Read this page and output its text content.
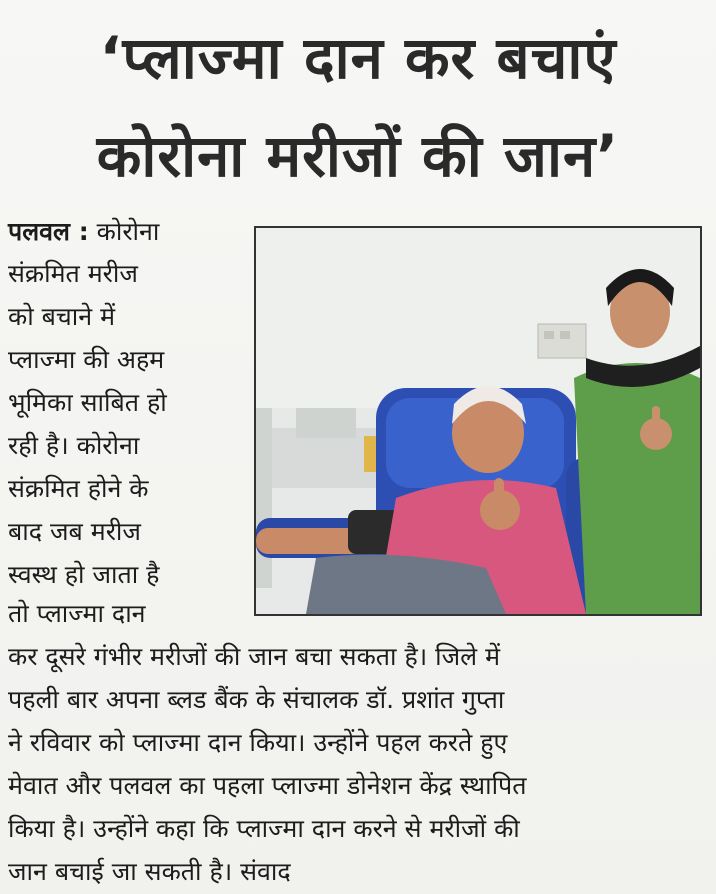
‘प्लाज्मा दान कर बचाएं
कोरोना मरीजों की जान’
पलवल : कोरोना
संक्रमित मरीज
को बचाने में
प्लाज्मा की अहम
भूमिका साबित हो
रही है। कोरोना
संक्रमित होने के
बाद जब मरीज
स्वस्थ हो जाता है
तो प्लाज्मा दान
कर दूसरे गंभीर मरीजों की जान बचा सकता है। जिले में
पहली बार अपना ब्लड बैंक के संचालक डॉ. प्रशांत गुप्ता
ने रविवार को प्लाज्मा दान किया। उन्होंने पहल करते हुए
मेवात और पलवल का पहला प्लाज्मा डोनेशन केंद्र स्थापित
किया है। उन्होंने कहा कि प्लाज्मा दान करने से मरीजों की
जान बचाई जा सकती है। संवाद
